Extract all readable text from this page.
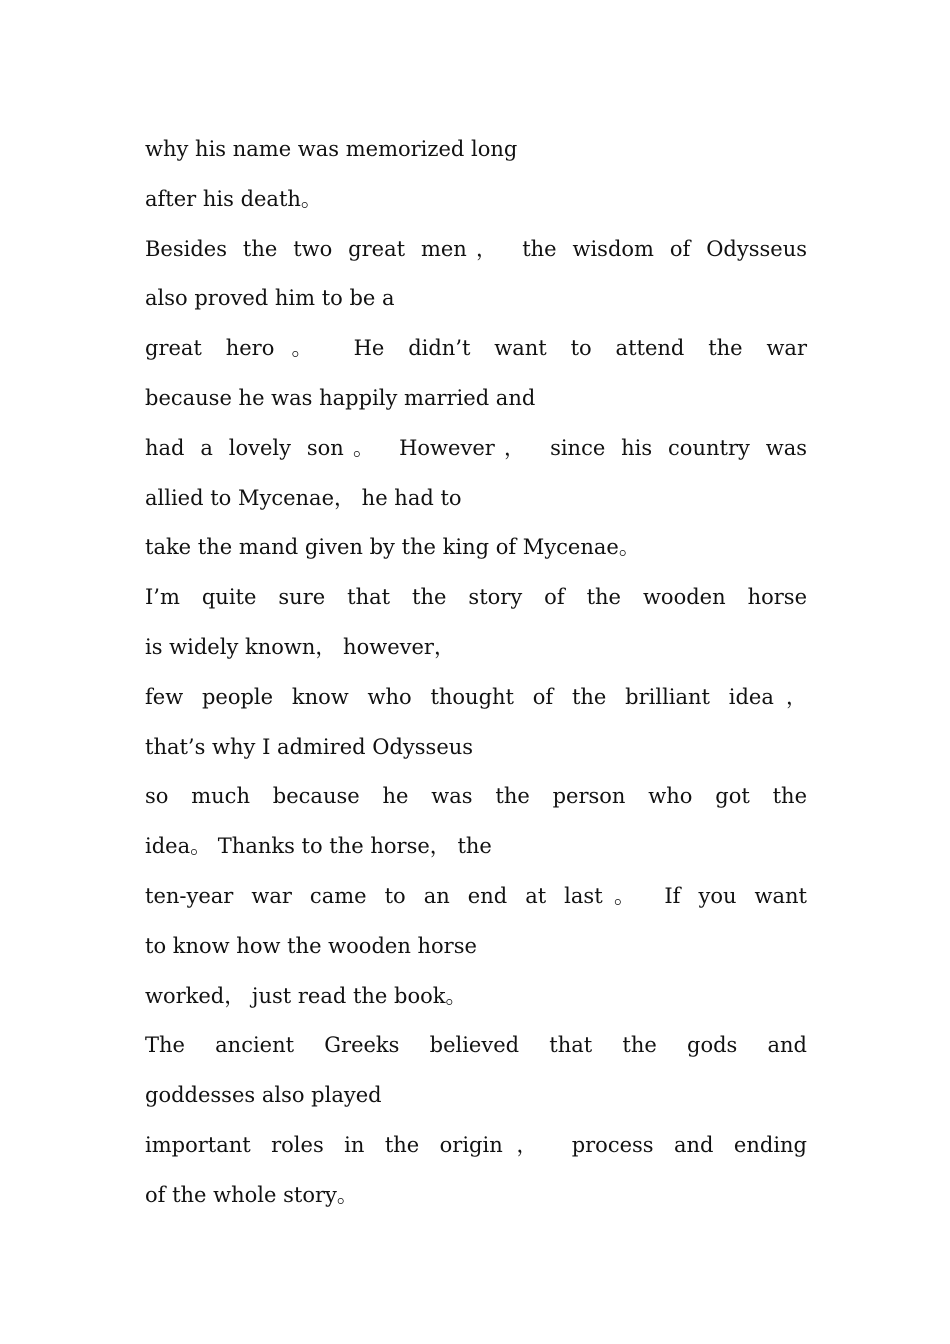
why his name was memorized long
after his death。
Besides the two great men， the wisdom of Odysseus
also proved him to be a
great hero。 He didn’t want to attend the war
because he was happily married and
had a lovely son。 However， since his country was
allied to Mycenae， he had to
take the mand given by the king of Mycenae。
I’m quite sure that the story of the wooden horse
is widely known， however，
few people know who thought of the brilliant idea，
that’s why I admired Odysseus
so much because he was the person who got the
idea。 Thanks to the horse， the
ten-year war came to an end at last。 If you want
to know how the wooden horse
worked， just read the book。
The ancient Greeks believed that the gods and
goddesses also played
important roles in the origin， process and ending
of the whole story。
